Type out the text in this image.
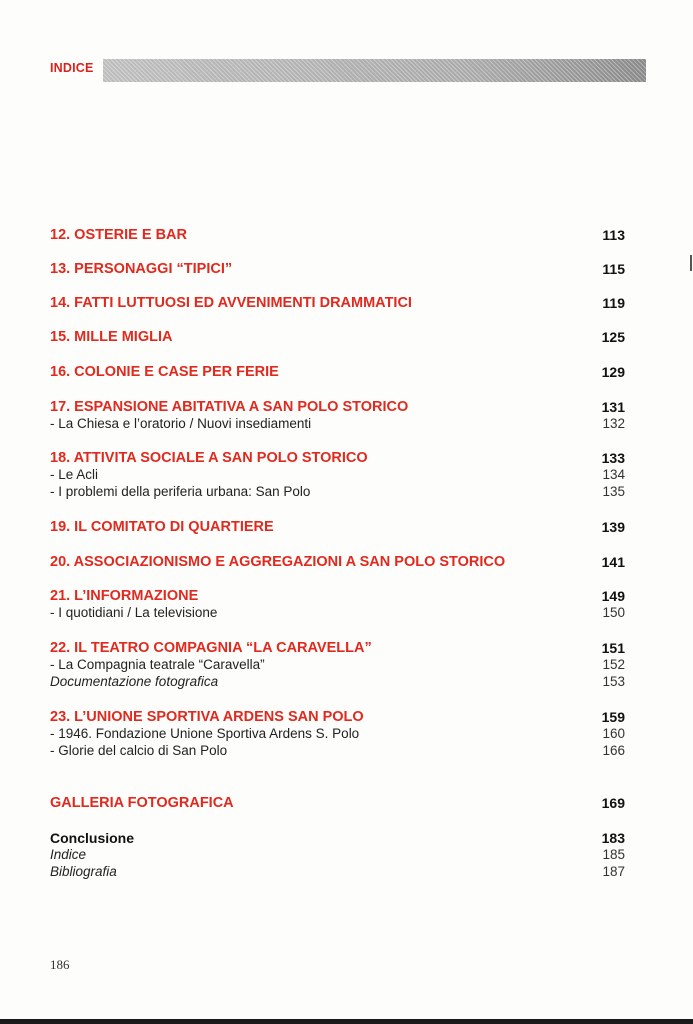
INDICE
12. OSTERIE E BAR	113
13. PERSONAGGI “TIPICI”	115
14. FATTI LUTTUOSI ED AVVENIMENTI DRAMMATICI	119
15. MILLE MIGLIA	125
16. COLONIE E CASE PER FERIE	129
17. ESPANSIONE ABITATIVA A SAN POLO STORICO	131
- La Chiesa e l’oratorio / Nuovi insediamenti	132
18. ATTIVITA SOCIALE A SAN POLO STORICO	133
- Le Acli	134
- I problemi della periferia urbana: San Polo	135
19. IL COMITATO DI QUARTIERE	139
20. ASSOCIAZIONISMO E AGGREGAZIONI A SAN POLO STORICO	141
21. L’INFORMAZIONE	149
- I quotidiani / La televisione	150
22. IL TEATRO COMPAGNIA “LA CARAVELLA”	151
- La Compagnia teatrale “Caravella”	152
Documentazione fotografica	153
23. L’UNIONE SPORTIVA ARDENS SAN POLO	159
- 1946. Fondazione Unione Sportiva Ardens S. Polo	160
- Glorie del calcio di San Polo	166
GALLERIA FOTOGRAFICA	169
Conclusione	183
Indice	185
Bibliografia	187
186
